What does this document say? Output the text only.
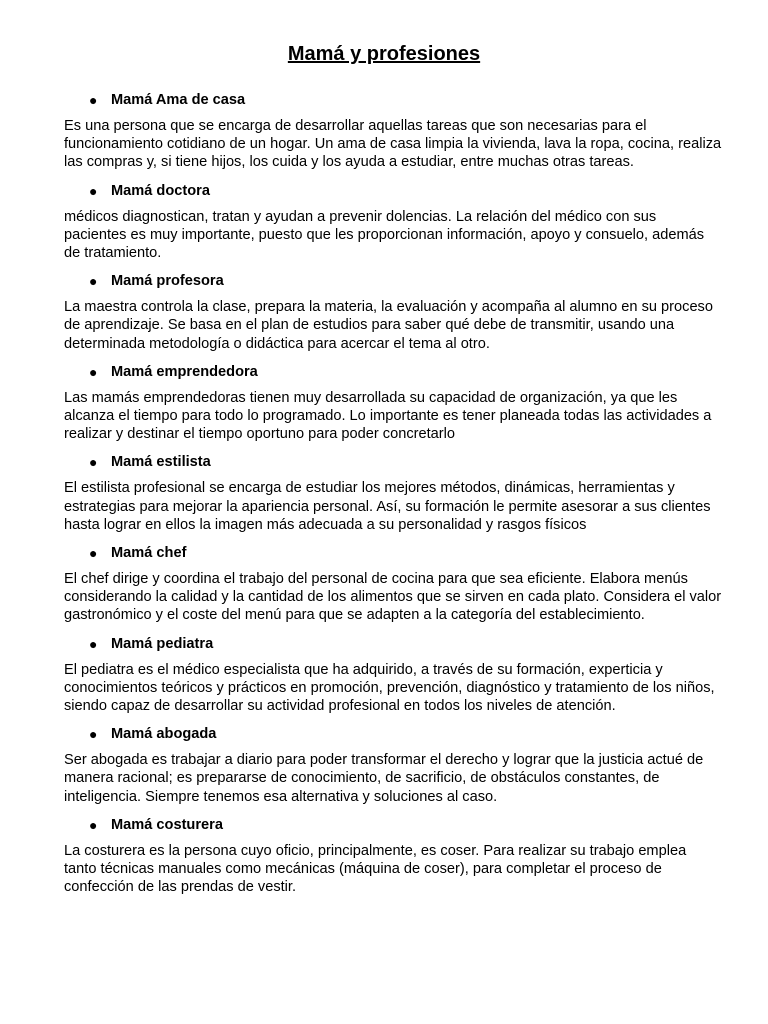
Mamá y profesiones
● Mamá Ama de casa

Es una persona que se encarga de desarrollar aquellas tareas que son necesarias para el funcionamiento cotidiano de un hogar. Un ama de casa limpia la vivienda, lava la ropa, cocina, realiza las compras y, si tiene hijos, los cuida y los ayuda a estudiar, entre muchas otras tareas.

● Mamá doctora

médicos diagnostican, tratan y ayudan a prevenir dolencias. La relación del médico con sus pacientes es muy importante, puesto que les proporcionan información, apoyo y consuelo, además de tratamiento.

● Mamá profesora

La maestra controla la clase, prepara la materia, la evaluación y acompaña al alumno en su proceso de aprendizaje. Se basa en el plan de estudios para saber qué debe de transmitir, usando una determinada metodología o didáctica para acercar el tema al otro.

● Mamá emprendedora

Las mamás emprendedoras tienen muy desarrollada su capacidad de organización, ya que les alcanza el tiempo para todo lo programado. Lo importante es tener planeada todas las actividades a realizar y destinar el tiempo oportuno para poder concretarlo

● Mamá estilista

El estilista profesional se encarga de estudiar los mejores métodos, dinámicas, herramientas y estrategias para mejorar la apariencia personal. Así, su formación le permite asesorar a sus clientes hasta lograr en ellos la imagen más adecuada a su personalidad y rasgos físicos

● Mamá chef

El chef dirige y coordina el trabajo del personal de cocina para que sea eficiente. Elabora menús considerando la calidad y la cantidad de los alimentos que se sirven en cada plato. Considera el valor gastronómico y el coste del menú para que se adapten a la categoría del establecimiento.

● Mamá pediatra

El pediatra es el médico especialista que ha adquirido, a través de su formación, experticia y conocimientos teóricos y prácticos en promoción, prevención, diagnóstico y tratamiento de los niños, siendo capaz de desarrollar su actividad profesional en todos los niveles de atención.

● Mamá abogada

Ser abogada es trabajar a diario para poder transformar el derecho y lograr que la justicia actué de manera racional; es prepararse de conocimiento, de sacrificio, de obstáculos constantes, de inteligencia. Siempre tenemos esa alternativa y soluciones al caso.

● Mamá costurera

La costurera es la persona cuyo oficio, principalmente, es coser. Para realizar su trabajo emplea tanto técnicas manuales como mecánicas (máquina de coser), para completar el proceso de confección de las prendas de vestir.
